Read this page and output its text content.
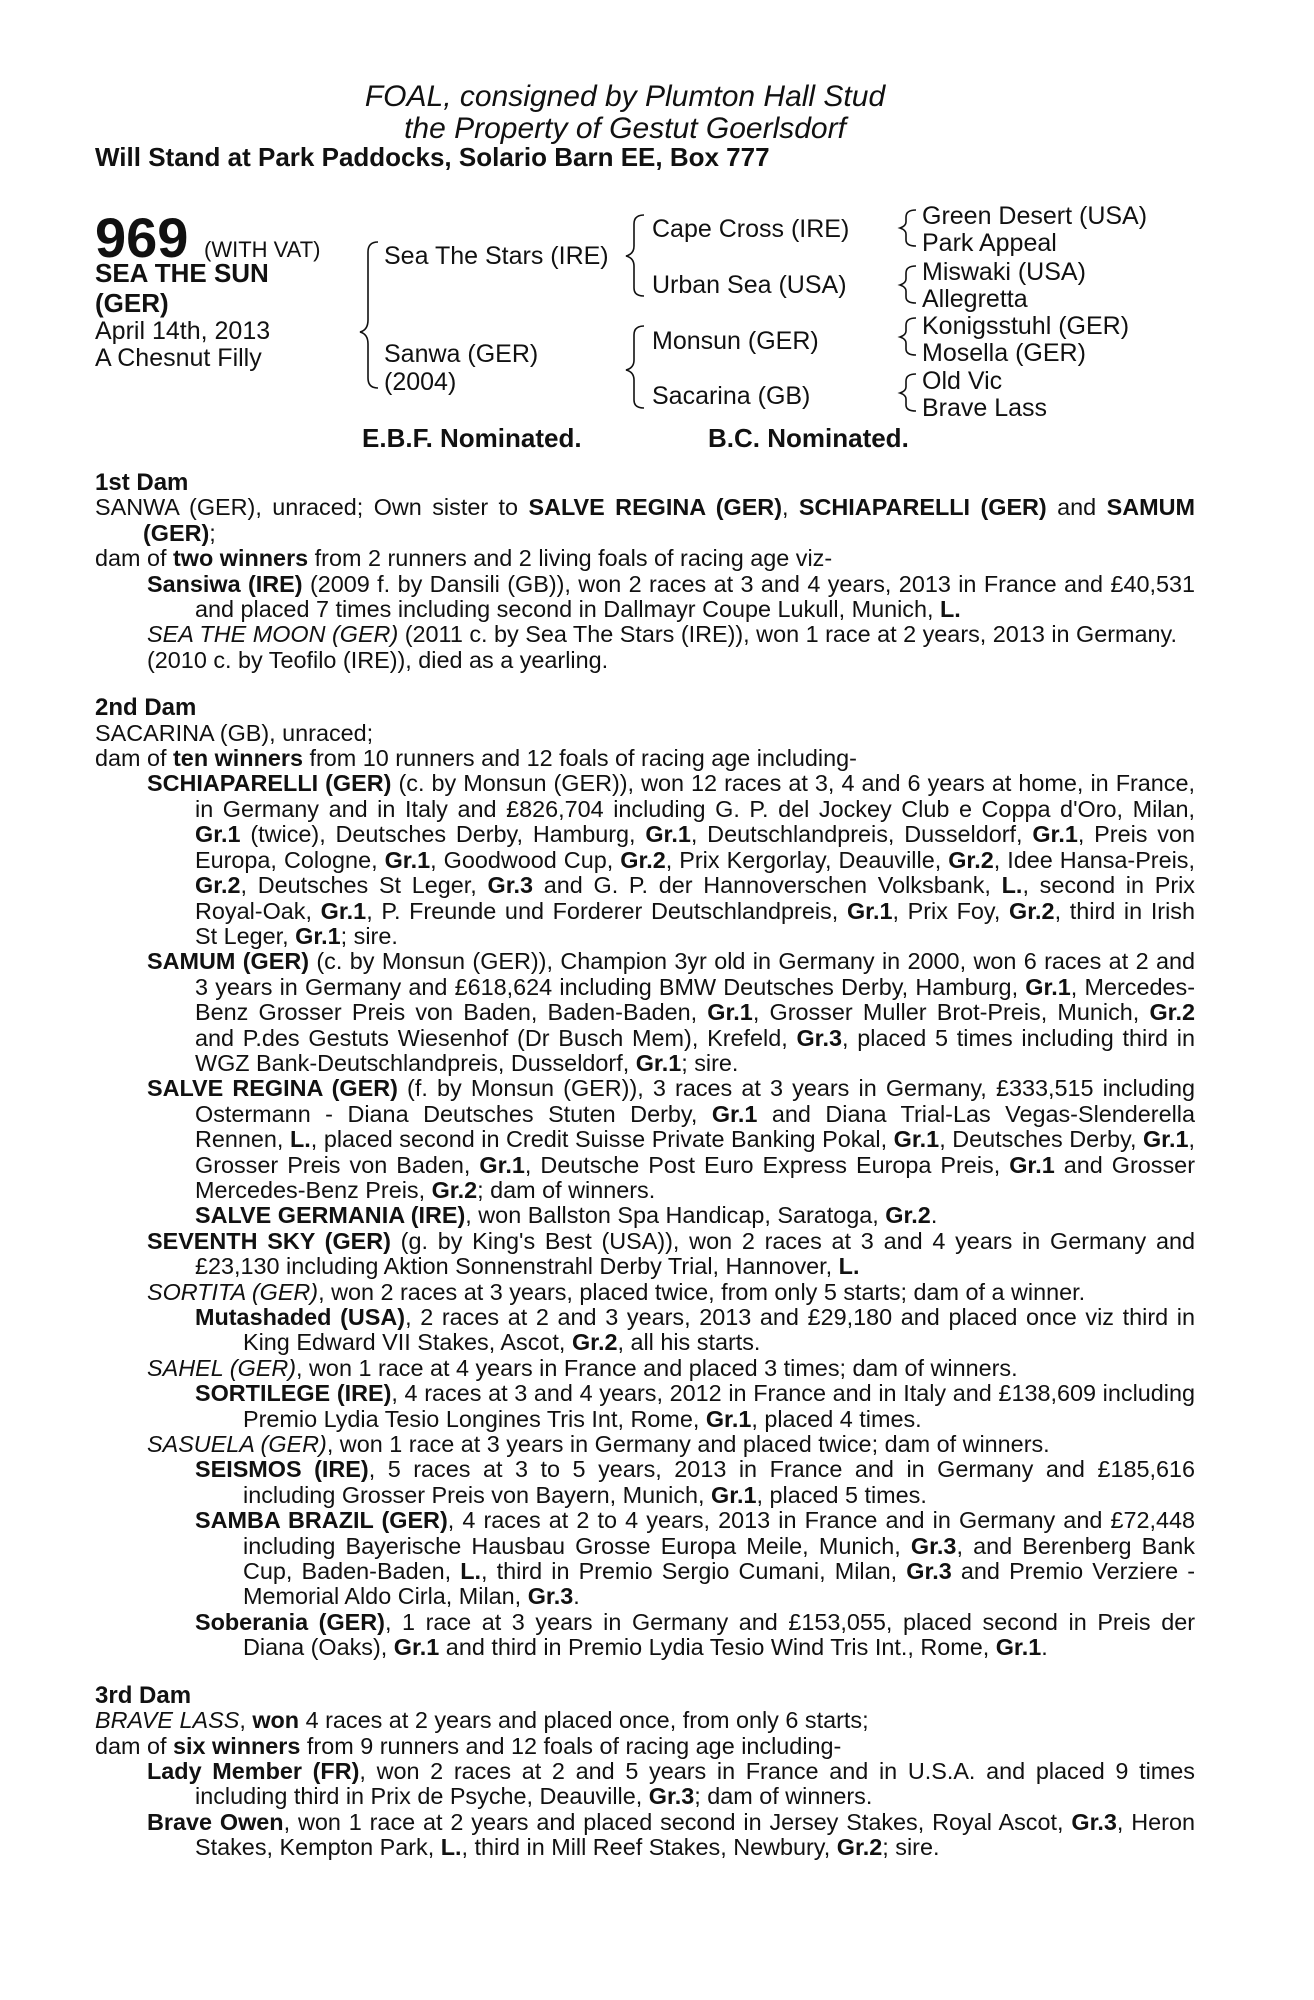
FOAL, consigned by Plumton Hall Stud
the Property of Gestut Goerlsdorf
Will Stand at Park Paddocks, Solario Barn EE, Box 777
969 (WITH VAT)
SEA THE SUN
(GER)
April 14th, 2013
A Chesnut Filly
Sea The Stars (IRE)
Sanwa (GER)
(2004)
Cape Cross (IRE)
Urban Sea (USA)
Monsun (GER)
Sacarina (GB)
Green Desert (USA)
Park Appeal
Miswaki (USA)
Allegretta
Konigsstuhl (GER)
Mosella (GER)
Old Vic
Brave Lass
E.B.F. Nominated.	B.C. Nominated.
1st Dam

SANWA (GER), unraced; Own sister to SALVE REGINA (GER), SCHIAPARELLI (GER) and SAMUM (GER);

dam of two winners from 2 runners and 2 living foals of racing age viz-

Sansiwa (IRE) (2009 f. by Dansili (GB)), won 2 races at 3 and 4 years, 2013 in France and £40,531 and placed 7 times including second in Dallmayr Coupe Lukull, Munich, L.

SEA THE MOON (GER) (2011 c. by Sea The Stars (IRE)), won 1 race at 2 years, 2013 in Germany.

(2010 c. by Teofilo (IRE)), died as a yearling.

2nd Dam

SACARINA (GB), unraced;

dam of ten winners from 10 runners and 12 foals of racing age including-

SCHIAPARELLI (GER) (c. by Monsun (GER)), won 12 races at 3, 4 and 6 years at home, in France, in Germany and in Italy and £826,704 including G. P. del Jockey Club e Coppa d'Oro, Milan, Gr.1 (twice), Deutsches Derby, Hamburg, Gr.1, Deutschlandpreis, Dusseldorf, Gr.1, Preis von Europa, Cologne, Gr.1, Goodwood Cup, Gr.2, Prix Kergorlay, Deauville, Gr.2, Idee Hansa-Preis, Gr.2, Deutsches St Leger, Gr.3 and G. P. der Hannoverschen Volksbank, L., second in Prix Royal-Oak, Gr.1, P. Freunde und Forderer Deutschlandpreis, Gr.1, Prix Foy, Gr.2, third in Irish St Leger, Gr.1; sire.

SAMUM (GER) (c. by Monsun (GER)), Champion 3yr old in Germany in 2000, won 6 races at 2 and 3 years in Germany and £618,624 including BMW Deutsches Derby, Hamburg, Gr.1, Mercedes-Benz Grosser Preis von Baden, Baden-Baden, Gr.1, Grosser Muller Brot-Preis, Munich, Gr.2 and P.des Gestuts Wiesenhof (Dr Busch Mem), Krefeld, Gr.3, placed 5 times including third in WGZ Bank-Deutschlandpreis, Dusseldorf, Gr.1; sire.

SALVE REGINA (GER) (f. by Monsun (GER)), 3 races at 3 years in Germany, £333,515 including Ostermann - Diana Deutsches Stuten Derby, Gr.1 and Diana Trial-Las Vegas-Slenderella Rennen, L., placed second in Credit Suisse Private Banking Pokal, Gr.1, Deutsches Derby, Gr.1, Grosser Preis von Baden, Gr.1, Deutsche Post Euro Express Europa Preis, Gr.1 and Grosser Mercedes-Benz Preis, Gr.2; dam of winners.

SALVE GERMANIA (IRE), won Ballston Spa Handicap, Saratoga, Gr.2.

SEVENTH SKY (GER) (g. by King's Best (USA)), won 2 races at 3 and 4 years in Germany and £23,130 including Aktion Sonnenstrahl Derby Trial, Hannover, L.

SORTITA (GER), won 2 races at 3 years, placed twice, from only 5 starts; dam of a winner.

Mutashaded (USA), 2 races at 2 and 3 years, 2013 and £29,180 and placed once viz third in King Edward VII Stakes, Ascot, Gr.2, all his starts.

SAHEL (GER), won 1 race at 4 years in France and placed 3 times; dam of winners.

SORTILEGE (IRE), 4 races at 3 and 4 years, 2012 in France and in Italy and £138,609 including Premio Lydia Tesio Longines Tris Int, Rome, Gr.1, placed 4 times.

SASUELA (GER), won 1 race at 3 years in Germany and placed twice; dam of winners.

SEISMOS (IRE), 5 races at 3 to 5 years, 2013 in France and in Germany and £185,616 including Grosser Preis von Bayern, Munich, Gr.1, placed 5 times.

SAMBA BRAZIL (GER), 4 races at 2 to 4 years, 2013 in France and in Germany and £72,448 including Bayerische Hausbau Grosse Europa Meile, Munich, Gr.3, and Berenberg Bank Cup, Baden-Baden, L., third in Premio Sergio Cumani, Milan, Gr.3 and Premio Verziere - Memorial Aldo Cirla, Milan, Gr.3.

Soberania (GER), 1 race at 3 years in Germany and £153,055, placed second in Preis der Diana (Oaks), Gr.1 and third in Premio Lydia Tesio Wind Tris Int., Rome, Gr.1.

3rd Dam

BRAVE LASS, won 4 races at 2 years and placed once, from only 6 starts;

dam of six winners from 9 runners and 12 foals of racing age including-

Lady Member (FR), won 2 races at 2 and 5 years in France and in U.S.A. and placed 9 times including third in Prix de Psyche, Deauville, Gr.3; dam of winners.

Brave Owen, won 1 race at 2 years and placed second in Jersey Stakes, Royal Ascot, Gr.3, Heron Stakes, Kempton Park, L., third in Mill Reef Stakes, Newbury, Gr.2; sire.
